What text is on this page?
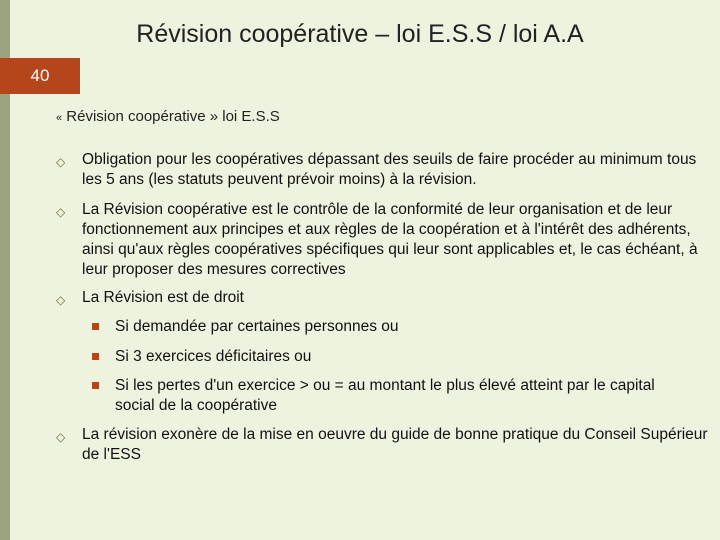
Révision coopérative – loi E.S.S / loi A.A
40
« Révision coopérative » loi E.S.S
◇	Obligation pour les coopératives dépassant des seuils de faire procéder au minimum tous les 5 ans (les statuts peuvent prévoir moins) à la révision.
◇	La Révision coopérative est le contrôle de la conformité de leur organisation et de leur fonctionnement aux principes et aux règles de la coopération et à l'intérêt des adhérents, ainsi qu'aux règles coopératives spécifiques qui leur sont applicables et, le cas échéant, à leur proposer des mesures correctives
◇	La Révision est de droit
Si demandée par certaines personnes ou
Si 3 exercices déficitaires ou
Si les pertes d'un exercice > ou = au montant le plus élevé atteint par le capital social de la coopérative
◇	La révision exonère de la mise en oeuvre du guide de bonne pratique du Conseil Supérieur de l'ESS
